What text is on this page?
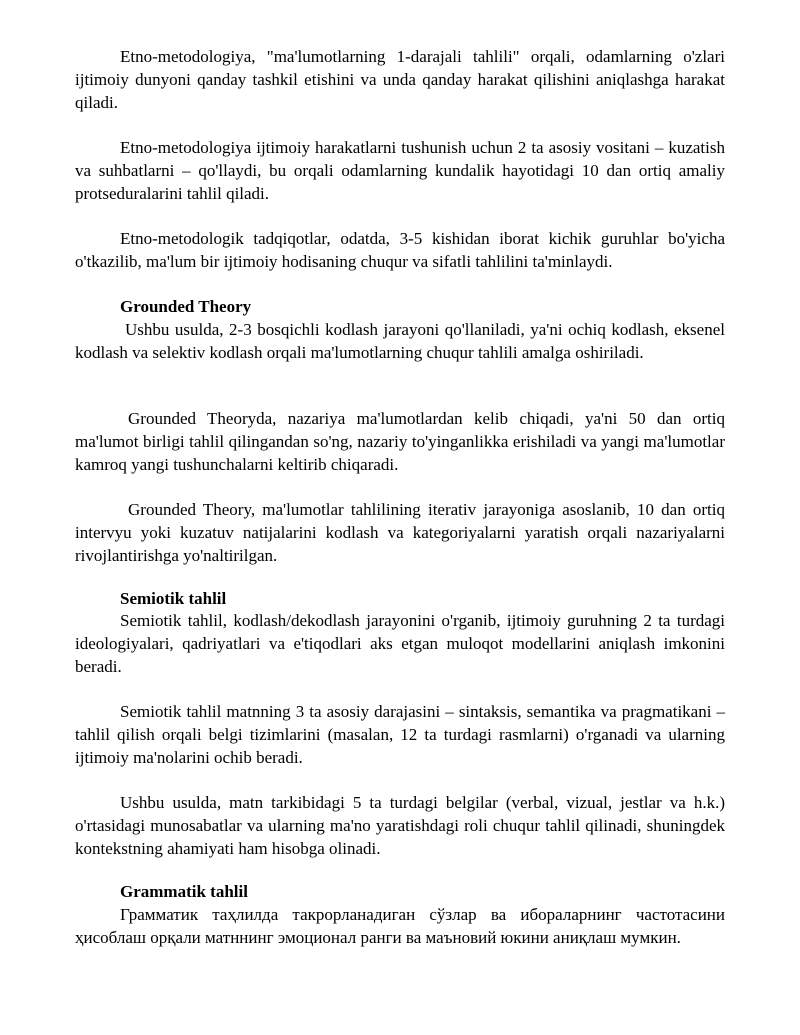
Etno-metodologiya, "ma'lumotlarning 1-darajali tahlili" orqali, odamlarning o'zlari ijtimoiy dunyoni qanday tashkil etishini va unda qanday harakat qilishini aniqlashga harakat qiladi.

Etno-metodologiya ijtimoiy harakatlarni tushunish uchun 2 ta asosiy vositani – kuzatish va suhbatlarni – qo'llaydi, bu orqali odamlarning kundalik hayotidagi 10 dan ortiq amaliy protseduralarini tahlil qiladi.

Etno-metodologik tadqiqotlar, odatda, 3-5 kishidan iborat kichik guruhlar bo'yicha o'tkazilib, ma'lum bir ijtimoiy hodisaning chuqur va sifatli tahlilini ta'minlaydi.

Grounded Theory

Ushbu usulda, 2-3 bosqichli kodlash jarayoni qo'llaniladi, ya'ni ochiq kodlash, eksenel kodlash va selektiv kodlash orqali ma'lumotlarning chuqur tahlili amalga oshiriladi.

Grounded Theoryda, nazariya ma'lumotlardan kelib chiqadi, ya'ni 50 dan ortiq ma'lumot birligi tahlil qilingandan so'ng, nazariy to'yinganlikka erishiladi va yangi ma'lumotlar kamroq yangi tushunchalarni keltirib chiqaradi.

Grounded Theory, ma'lumotlar tahlilining iterativ jarayoniga asoslanib, 10 dan ortiq intervyu yoki kuzatuv natijalarini kodlash va kategoriyalarni yaratish orqali nazariyalarni rivojlantirishga yo'naltirilgan.

Semiotik tahlil

Semiotik tahlil, kodlash/dekodlash jarayonini o'rganib, ijtimoiy guruhning 2 ta turdagi ideologiyalari, qadriyatlari va e'tiqodlari aks etgan muloqot modellarini aniqlash imkonini beradi.

Semiotik tahlil matnning 3 ta asosiy darajasini – sintaksis, semantika va pragmatikani – tahlil qilish orqali belgi tizimlarini (masalan, 12 ta turdagi rasmlarni) o'rganadi va ularning ijtimoiy ma'nolarini ochib beradi.

Ushbu usulda, matn tarkibidagi 5 ta turdagi belgilar (verbal, vizual, jestlar va h.k.) o'rtasidagi munosabatlar va ularning ma'no yaratishdagi roli chuqur tahlil qilinadi, shuningdek kontekstning ahamiyati ham hisobga olinadi.

Grammatik tahlil

Грамматик таҳлилда такрорланадиган сўзлар ва ибораларнинг частотасини ҳисоблаш орқали матннинг эмоционал ранги ва маъновий юкини аниқлаш мумкин.
